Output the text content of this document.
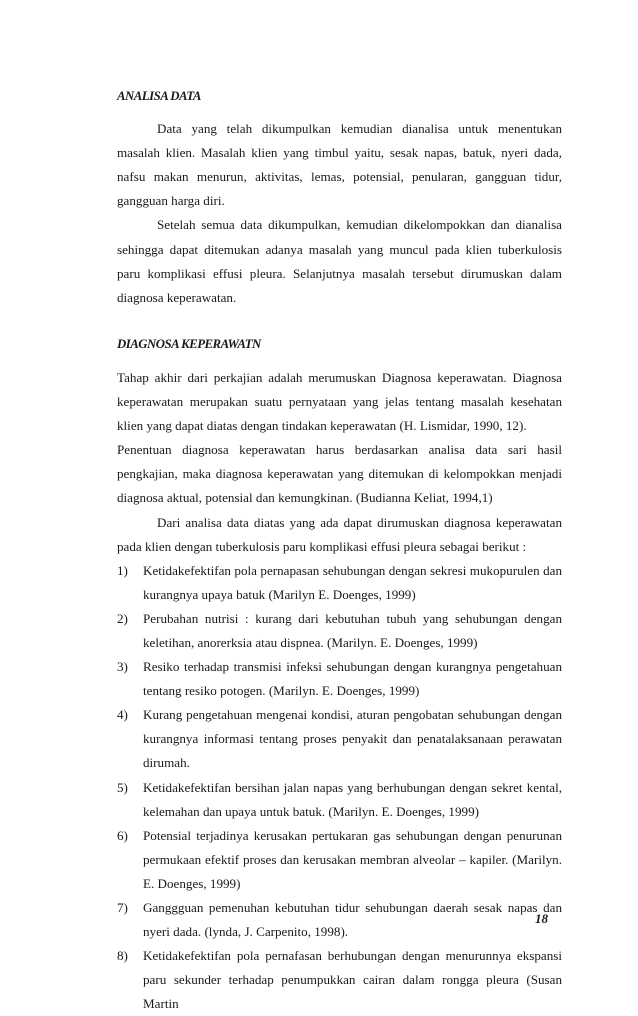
ANALISA DATA

Data yang telah dikumpulkan kemudian dianalisa untuk menentukan masalah klien. Masalah klien yang timbul yaitu, sesak napas, batuk, nyeri dada, nafsu makan menurun, aktivitas, lemas, potensial, penularan, gangguan tidur, gangguan harga diri.

Setelah semua data dikumpulkan, kemudian dikelompokkan dan dianalisa sehingga dapat ditemukan adanya masalah yang muncul pada klien tuberkulosis paru komplikasi effusi pleura. Selanjutnya masalah tersebut dirumuskan dalam diagnosa keperawatan.

DIAGNOSA KEPERAWATN

Tahap akhir dari perkajian adalah merumuskan Diagnosa keperawatan. Diagnosa keperawatan merupakan suatu pernyataan yang jelas tentang masalah kesehatan klien yang dapat diatas dengan tindakan keperawatan (H. Lismidar, 1990, 12).

Penentuan diagnosa keperawatan harus berdasarkan analisa data sari hasil pengkajian, maka diagnosa keperawatan yang ditemukan di kelompokkan menjadi diagnosa aktual, potensial dan kemungkinan. (Budianna Keliat, 1994,1)

Dari analisa data diatas yang ada dapat dirumuskan diagnosa keperawatan pada klien dengan tuberkulosis paru komplikasi effusi pleura sebagai berikut :

1)	Ketidakefektifan pola pernapasan sehubungan dengan sekresi mukopurulen dan kurangnya upaya batuk (Marilyn E. Doenges, 1999)
2)	Perubahan nutrisi : kurang dari kebutuhan tubuh yang sehubungan dengan keletihan, anorerksia atau dispnea. (Marilyn. E. Doenges, 1999)
3)	Resiko terhadap transmisi infeksi sehubungan dengan kurangnya pengetahuan tentang resiko potogen. (Marilyn. E. Doenges, 1999)
4)	Kurang pengetahuan mengenai kondisi, aturan pengobatan sehubungan dengan kurangnya informasi tentang proses penyakit dan penatalaksanaan perawatan dirumah.
5)	Ketidakefektifan bersihan jalan napas yang berhubungan dengan sekret kental, kelemahan dan upaya untuk batuk. (Marilyn. E. Doenges, 1999)
6)	Potensial terjadinya kerusakan pertukaran gas sehubungan dengan penurunan permukaan efektif proses dan kerusakan membran alveolar – kapiler. (Marilyn. E. Doenges, 1999)
7)	Ganggguan pemenuhan kebutuhan tidur sehubungan daerah sesak napas dan nyeri dada. (lynda, J. Carpenito, 1998).
8)	Ketidakefektifan pola pernafasan berhubungan dengan menurunnya ekspansi paru sekunder terhadap penumpukkan cairan dalam rongga pleura (Susan Martin
18
